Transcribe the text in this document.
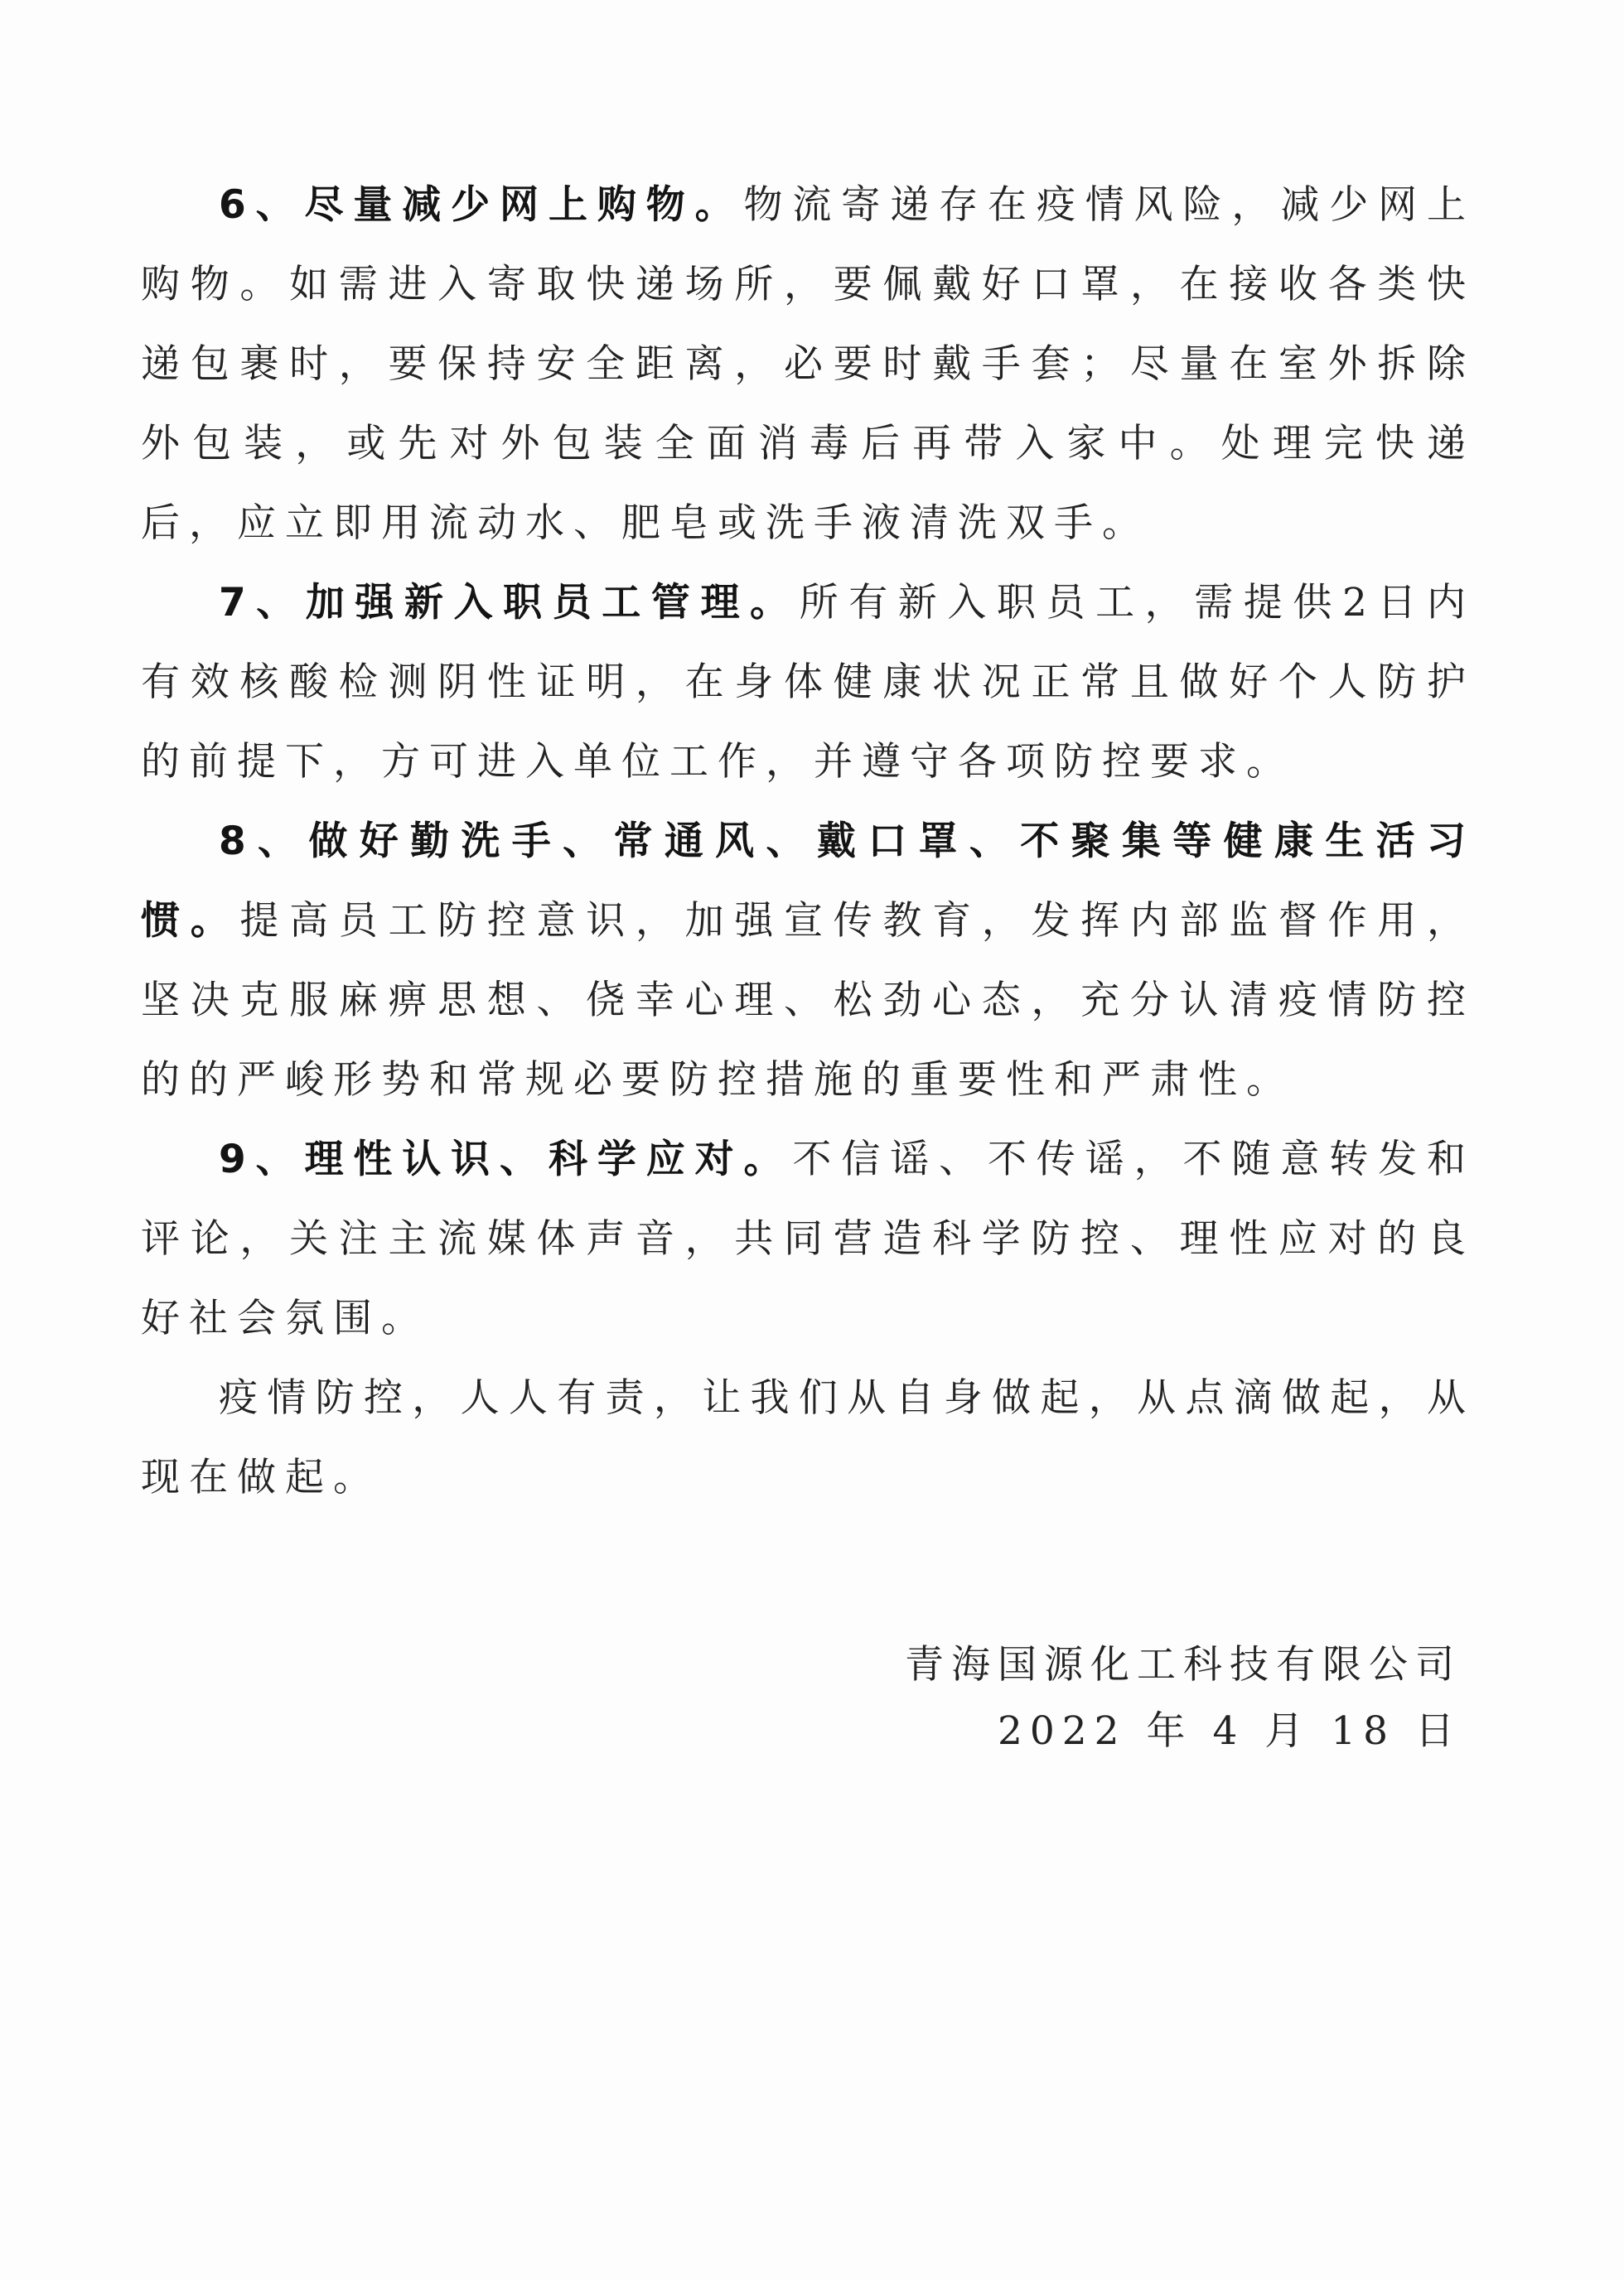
6、尽量减少网上购物。物流寄递存在疫情风险，减少网上购物。如需进入寄取快递场所，要佩戴好口罩，在接收各类快递包裹时，要保持安全距离，必要时戴手套；尽量在室外拆除外包装，或先对外包装全面消毒后再带入家中。处理完快递后，应立即用流动水、肥皂或洗手液清洗双手。

7、加强新入职员工管理。所有新入职员工，需提供2日内有效核酸检测阴性证明，在身体健康状况正常且做好个人防护的前提下，方可进入单位工作，并遵守各项防控要求。

8、做好勤洗手、常通风、戴口罩、不聚集等健康生活习惯。提高员工防控意识，加强宣传教育，发挥内部监督作用，坚决克服麻痹思想、侥幸心理、松劲心态，充分认清疫情防控的的严峻形势和常规必要防控措施的重要性和严肃性。

9、理性认识、科学应对。不信谣、不传谣，不随意转发和评论，关注主流媒体声音，共同营造科学防控、理性应对的良好社会氛围。

疫情防控，人人有责，让我们从自身做起，从点滴做起，从现在做起。

青海国源化工科技有限公司
2022 年 4 月 18 日
